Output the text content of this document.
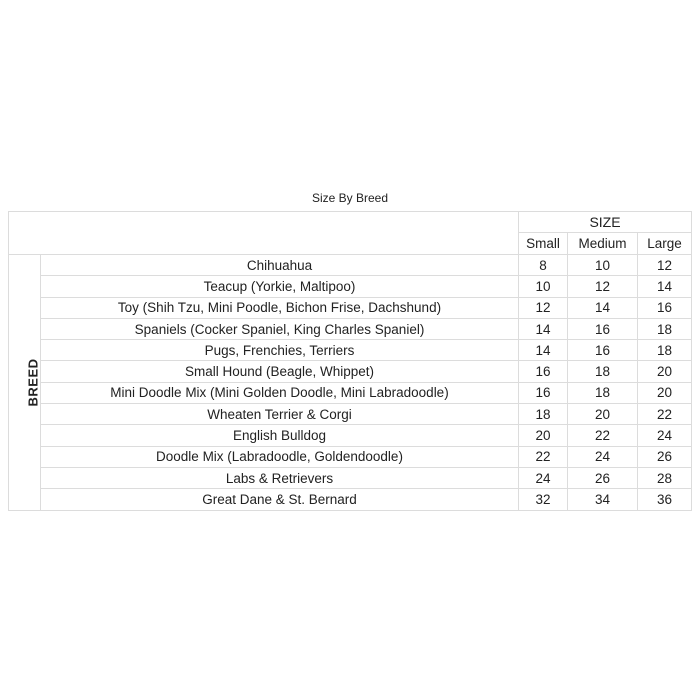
Size By Breed
		SIZE		
		Small	Medium	Large
BREED	Chihuahua	8	10	12
	Teacup (Yorkie, Maltipoo)	10	12	14
	Toy (Shih Tzu, Mini Poodle, Bichon Frise, Dachshund)	12	14	16
	Spaniels (Cocker Spaniel, King Charles Spaniel)	14	16	18
	Pugs, Frenchies, Terriers	14	16	18
	Small Hound (Beagle, Whippet)	16	18	20
	Mini Doodle Mix (Mini Golden Doodle, Mini Labradoodle)	16	18	20
	Wheaten Terrier & Corgi	18	20	22
	English Bulldog	20	22	24
	Doodle Mix (Labradoodle, Goldendoodle)	22	24	26
	Labs & Retrievers	24	26	28
	Great Dane & St. Bernard	32	34	36
